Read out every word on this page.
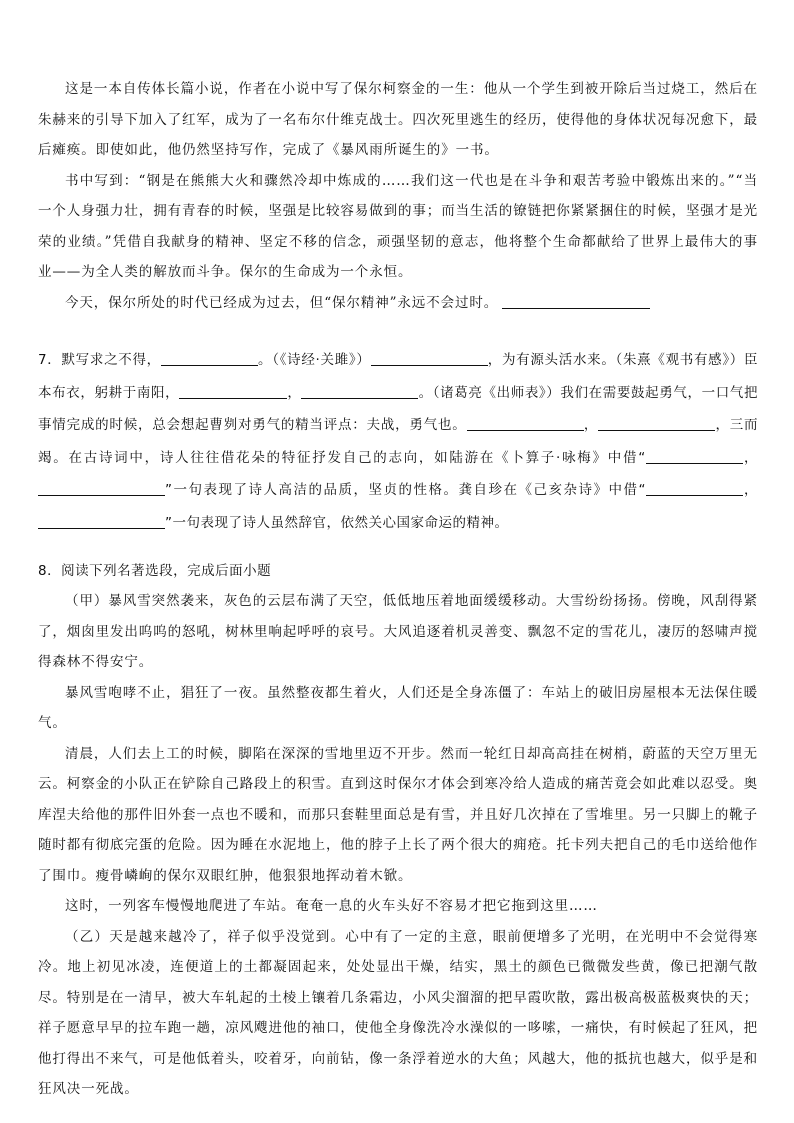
这是一本自传体长篇小说，作者在小说中写了保尔柯察金的一生：他从一个学生到被开除后当过烧工，然后在朱赫来的引导下加入了红军，成为了一名布尔什维克战士。四次死里逃生的经历，使得他的身体状况每况愈下，最后瘫痪。即使如此，他仍然坚持写作，完成了《暴风雨所诞生的》一书。

书中写到：“钢是在熊熊大火和骤然冷却中炼成的……我们这一代也是在斗争和艰苦考验中锻炼出来的。”“当一个人身强力壮，拥有青春的时候，坚强是比较容易做到的事；而当生活的镣链把你紧紧捆住的时候，坚强才是光荣的业绩。”凭借自我献身的精神、坚定不移的信念，顽强坚韧的意志，他将整个生命都献给了世界上最伟大的事业——为全人类的解放而斗争。保尔的生命成为一个永恒。

今天，保尔所处的时代已经成为过去，但“保尔精神”永远不会过时。

7．默写求之不得，	。（《诗经·关雎》）	，为有源头活水来。（朱熹《观书有感》）臣本布衣，躬耕于南阳，	，	。（诸葛亮《出师表》）我们在需要鼓起勇气，一口气把事情完成的时候，总会想起曹刿对勇气的精当评点：夫战，勇气也。	，	，三而竭。在古诗词中，诗人往往借花朵的特征抒发自己的志向，如陆游在《卜算子·咏梅》中借“	，”一句表现了诗人高洁的品质，坚贞的性格。龚自珍在《己亥杂诗》中借“	，”一句表现了诗人虽然辞官，依然关心国家命运的精神。

8．阅读下列名著选段，完成后面小题

（甲）暴风雪突然袭来，灰色的云层布满了天空，低低地压着地面缓缓移动。大雪纷纷扬扬。傍晚，风刮得紧了，烟囱里发出呜呜的怒吼，树林里响起呼呼的哀号。大风追逐着机灵善变、飘忽不定的雪花儿，凄厉的怒啸声搅得森林不得安宁。

暴风雪咆哮不止，猖狂了一夜。虽然整夜都生着火，人们还是全身冻僵了：车站上的破旧房屋根本无法保住暖气。

清晨，人们去上工的时候，脚陷在深深的雪地里迈不开步。然而一轮红日却高高挂在树梢，蔚蓝的天空万里无云。柯察金的小队正在铲除自己路段上的积雪。直到这时保尔才体会到寒冷给人造成的痛苦竟会如此难以忍受。奥库涅夫给他的那件旧外套一点也不暖和，而那只套鞋里面总是有雪，并且好几次掉在了雪堆里。另一只脚上的靴子随时都有彻底完蛋的危险。因为睡在水泥地上，他的脖子上长了两个很大的痈疮。托卡列夫把自己的毛巾送给他作了围巾。瘦骨嶙峋的保尔双眼红肿，他狠狠地挥动着木锨。

这时，一列客车慢慢地爬进了车站。奄奄一息的火车头好不容易才把它拖到这里……

（乙）天是越来越冷了，祥子似乎没觉到。心中有了一定的主意，眼前便增多了光明，在光明中不会觉得寒冷。地上初见冰凌，连便道上的土都凝固起来，处处显出干燥，结实，黑土的颜色已微微发些黄，像已把潮气散尽。特别是在一清早，被大车轧起的土棱上镶着几条霜边，小风尖溜溜的把早霞吹散，露出极高极蓝极爽快的天；祥子愿意早早的拉车跑一趟，凉风飕进他的袖口，使他全身像洗冷水澡似的一哆嗦，一痛快，有时候起了狂风，把他打得出不来气，可是他低着头，咬着牙，向前钻，像一条浮着逆水的大鱼；风越大，他的抵抗也越大，似乎是和狂风决一死战。
